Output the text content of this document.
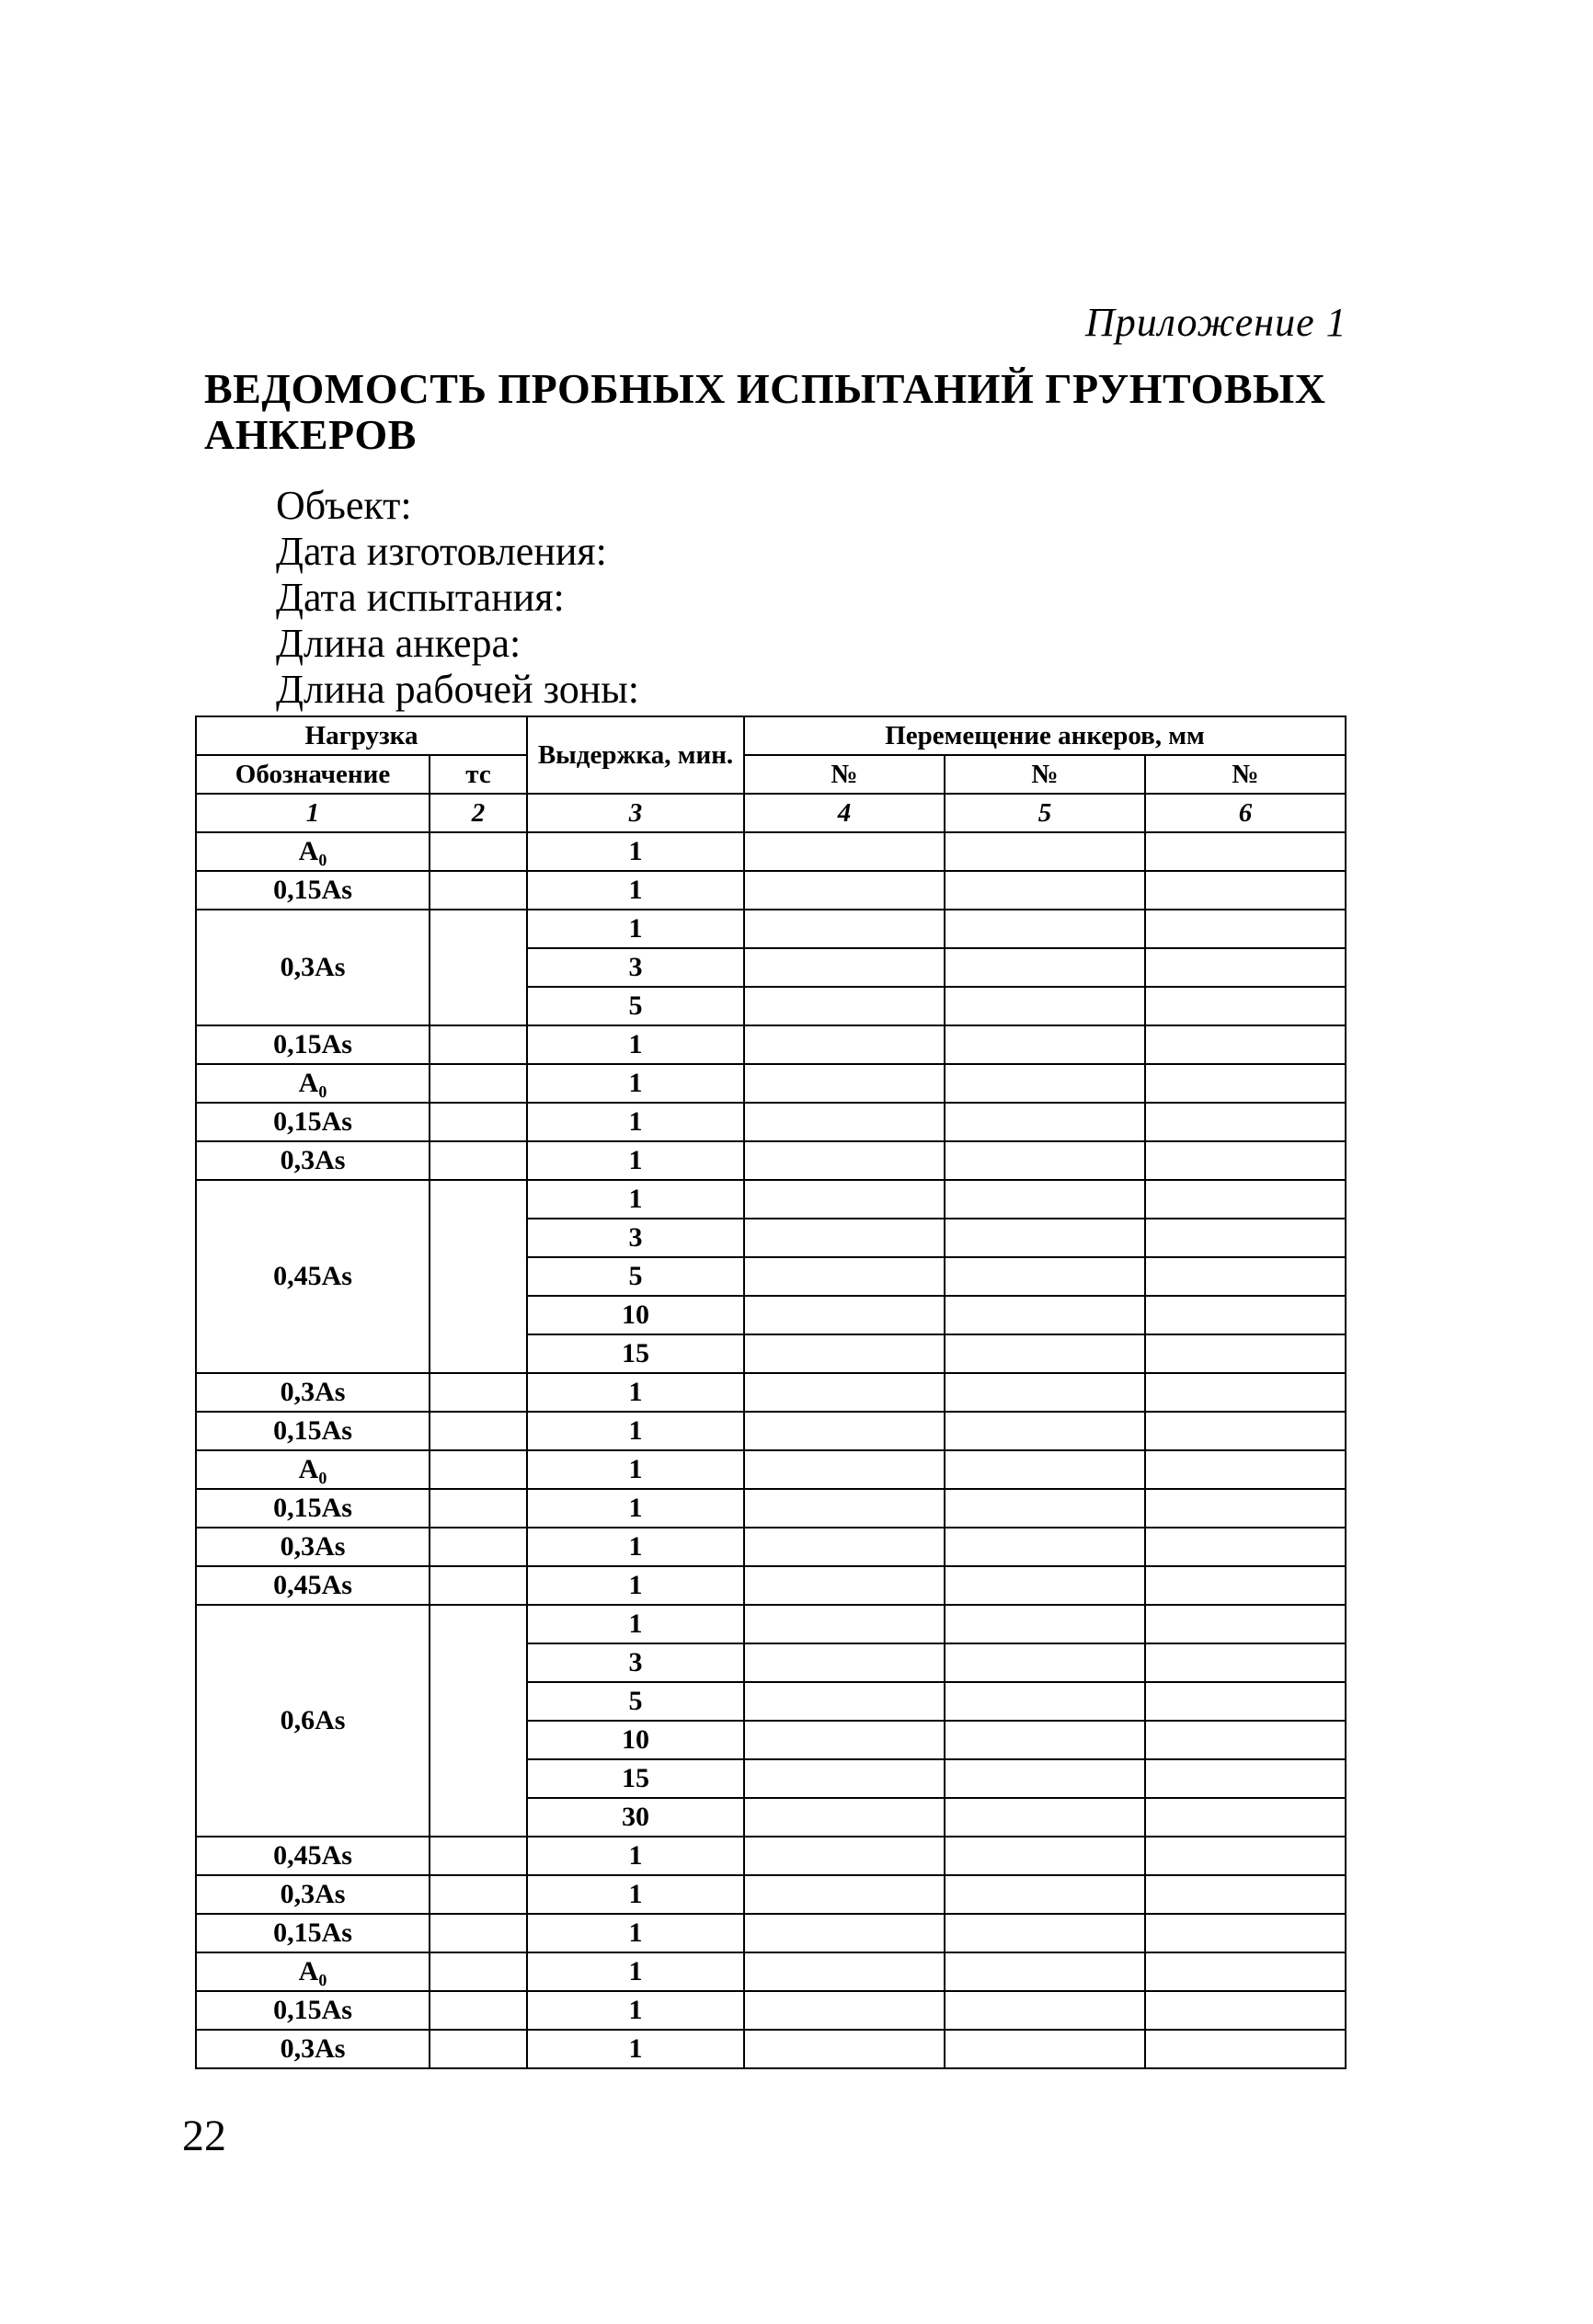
Приложение 1
ВЕДОМОСТЬ ПРОБНЫХ ИСПЫТАНИЙ ГРУНТОВЫХ АНКЕРОВ
Объект:
Дата изготовления:
Дата испытания:
Длина анкера:
Длина рабочей зоны:
Нагрузка		Выдержка, мин.	Перемещение анкеров, мм		
Обозначение	тс		№	№	№
1	2	3	4	5	6
A₀		1			
0,15As		1			
0,3As		1			
		3			
		5			
0,15As		1			
A₀		1			
0,15As		1			
0,3As		1			
0,45As		1			
		3			
		5			
		10			
		15			
0,3As		1			
0,15As		1			
A₀		1			
0,15As		1			
0,3As		1			
0,45As		1			
0,6As		1			
		3			
		5			
		10			
		15			
		30			
0,45As		1			
0,3As		1			
0,15As		1			
A₀		1			
0,15As		1			
0,3As		1			
22
